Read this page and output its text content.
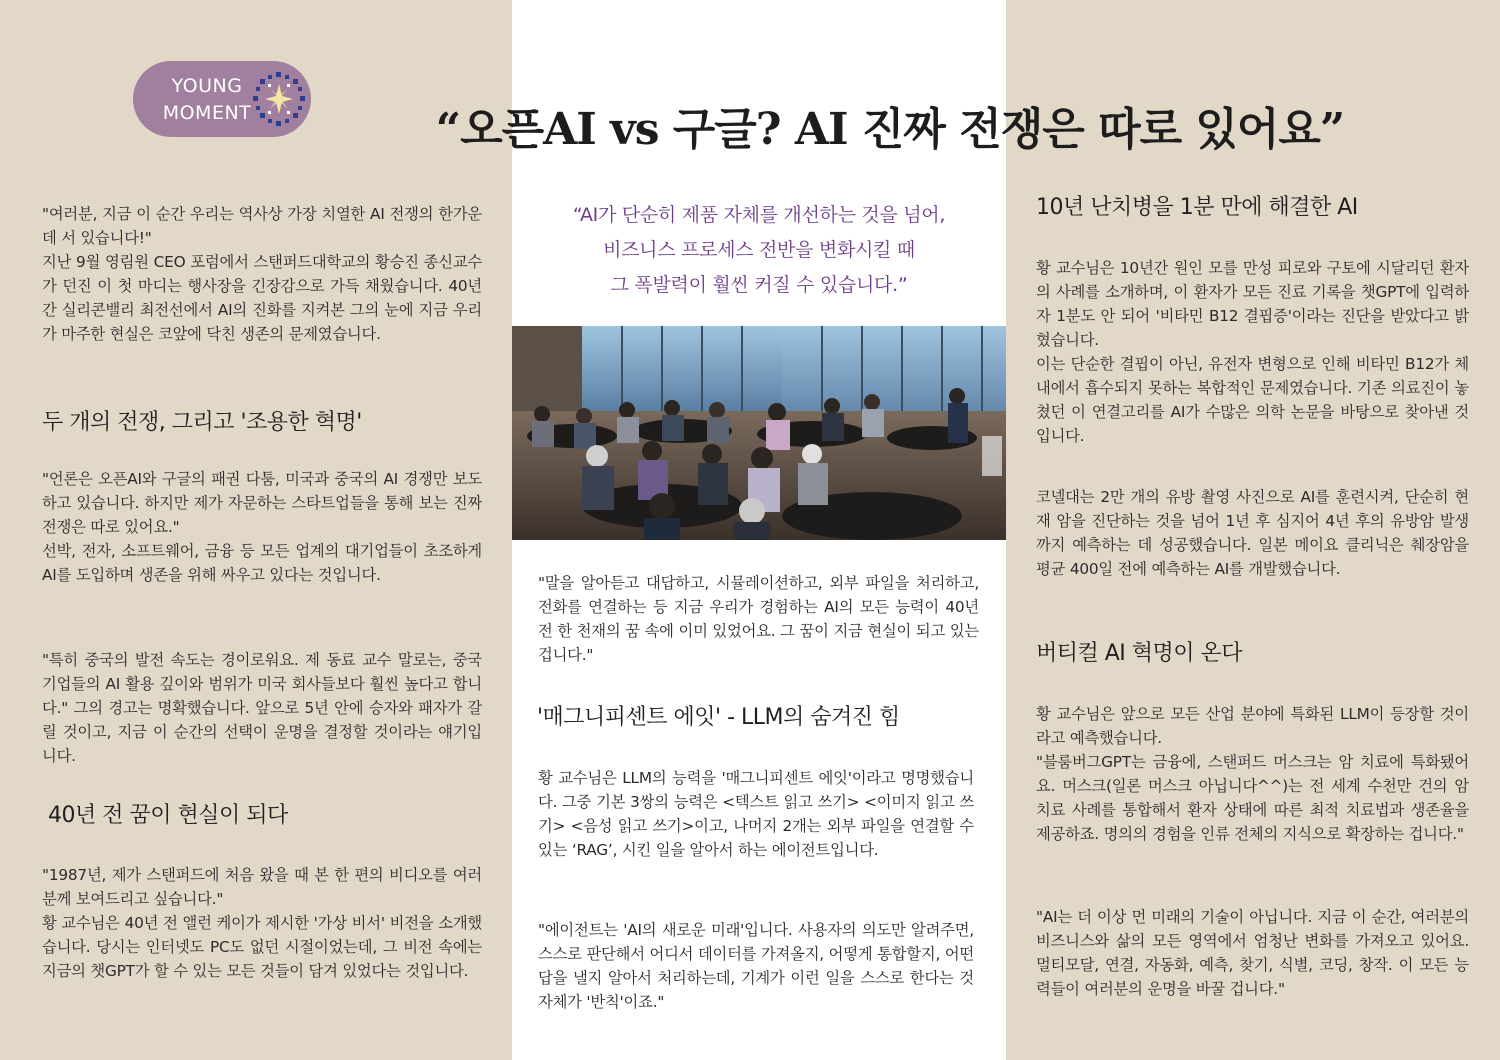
YOUNG
MOMENT	“오픈AI vs 구글? AI 진짜 전쟁은 따로 있어요”

"여러분, 지금 이 순간 우리는 역사상 가장 치열한 AI 전쟁의 한가운데 서 있습니다!"

지난 9월 영림원 CEO 포럼에서 스탠퍼드대학교의 황승진 종신교수가 던진 이 첫 마디는 행사장을 긴장감으로 가득 채웠습니다. 40년간 실리콘밸리 최전선에서 AI의 진화를 지켜본 그의 눈에 지금 우리가 마주한 현실은 코앞에 닥친 생존의 문제였습니다.

두 개의 전쟁, 그리고 '조용한 혁명'

"언론은 오픈AI와 구글의 패권 다툼, 미국과 중국의 AI 경쟁만 보도하고 있습니다. 하지만 제가 자문하는 스타트업들을 통해 보는 진짜 전쟁은 따로 있어요."

선박, 전자, 소프트웨어, 금융 등 모든 업계의 대기업들이 초조하게 AI를 도입하며 생존을 위해 싸우고 있다는 것입니다.

"특히 중국의 발전 속도는 경이로워요. 제 동료 교수 말로는, 중국 기업들의 AI 활용 깊이와 범위가 미국 회사들보다 훨씬 높다고 합니다." 그의 경고는 명확했습니다. 앞으로 5년 안에 승자와 패자가 갈릴 것이고, 지금 이 순간의 선택이 운명을 결정할 것이라는 얘기입니다.

40년 전 꿈이 현실이 되다

"1987년, 제가 스탠퍼드에 처음 왔을 때 본 한 편의 비디오를 여러분께 보여드리고 싶습니다."

황 교수님은 40년 전 앨런 케이가 제시한 '가상 비서' 비전을 소개했습니다. 당시는 인터넷도 PC도 없던 시절이었는데, 그 비전 속에는 지금의 챗GPT가 할 수 있는 모든 것들이 담겨 있었다는 것입니다.

“AI가 단순히 제품 자체를 개선하는 것을 넘어,
비즈니스 프로세스 전반을 변화시킬 때
그 폭발력이 훨씬 커질 수 있습니다.”

"말을 알아듣고 대답하고, 시뮬레이션하고, 외부 파일을 처리하고, 전화를 연결하는 등 지금 우리가 경험하는 AI의 모든 능력이 40년 전 한 천재의 꿈 속에 이미 있었어요. 그 꿈이 지금 현실이 되고 있는 겁니다."

'매그니피센트 에잇' - LLM의 숨겨진 힘

황 교수님은 LLM의 능력을 '매그니피센트 에잇'이라고 명명했습니다. 그중 기본 3쌍의 능력은 <텍스트 읽고 쓰기> <이미지 읽고 쓰기> <음성 읽고 쓰기>이고, 나머지 2개는 외부 파일을 연결할 수 있는 ‘RAG’, 시킨 일을 알아서 하는 에이전트입니다.

"에이전트는 'AI의 새로운 미래'입니다. 사용자의 의도만 알려주면, 스스로 판단해서 어디서 데이터를 가져올지, 어떻게 통합할지, 어떤 답을 낼지 알아서 처리하는데, 기계가 이런 일을 스스로 한다는 것 자체가 '반칙'이죠."

10년 난치병을 1분 만에 해결한 AI

황 교수님은 10년간 원인 모를 만성 피로와 구토에 시달리던 환자의 사례를 소개하며, 이 환자가 모든 진료 기록을 챗GPT에 입력하자 1분도 안 되어 '비타민 B12 결핍증'이라는 진단을 받았다고 밝혔습니다.

이는 단순한 결핍이 아닌, 유전자 변형으로 인해 비타민 B12가 체내에서 흡수되지 못하는 복합적인 문제였습니다. 기존 의료진이 놓쳤던 이 연결고리를 AI가 수많은 의학 논문을 바탕으로 찾아낸 것입니다.

코넬대는 2만 개의 유방 촬영 사진으로 AI를 훈련시켜, 단순히 현재 암을 진단하는 것을 넘어 1년 후 심지어 4년 후의 유방암 발생까지 예측하는 데 성공했습니다. 일본 메이요 클리닉은 췌장암을 평균 400일 전에 예측하는 AI를 개발했습니다.

버티컬 AI 혁명이 온다

황 교수님은 앞으로 모든 산업 분야에 특화된 LLM이 등장할 것이라고 예측했습니다.

"블룸버그GPT는 금융에, 스탠퍼드 머스크는 암 치료에 특화됐어요. 머스크(일론 머스크 아닙니다^^)는 전 세계 수천만 건의 암 치료 사례를 통합해서 환자 상태에 따른 최적 치료법과 생존율을 제공하죠. 명의의 경험을 인류 전체의 지식으로 확장하는 겁니다."

"AI는 더 이상 먼 미래의 기술이 아닙니다. 지금 이 순간, 여러분의 비즈니스와 삶의 모든 영역에서 엄청난 변화를 가져오고 있어요. 멀티모달, 연결, 자동화, 예측, 찾기, 식별, 코딩, 창작. 이 모든 능력들이 여러분의 운명을 바꿀 겁니다."
